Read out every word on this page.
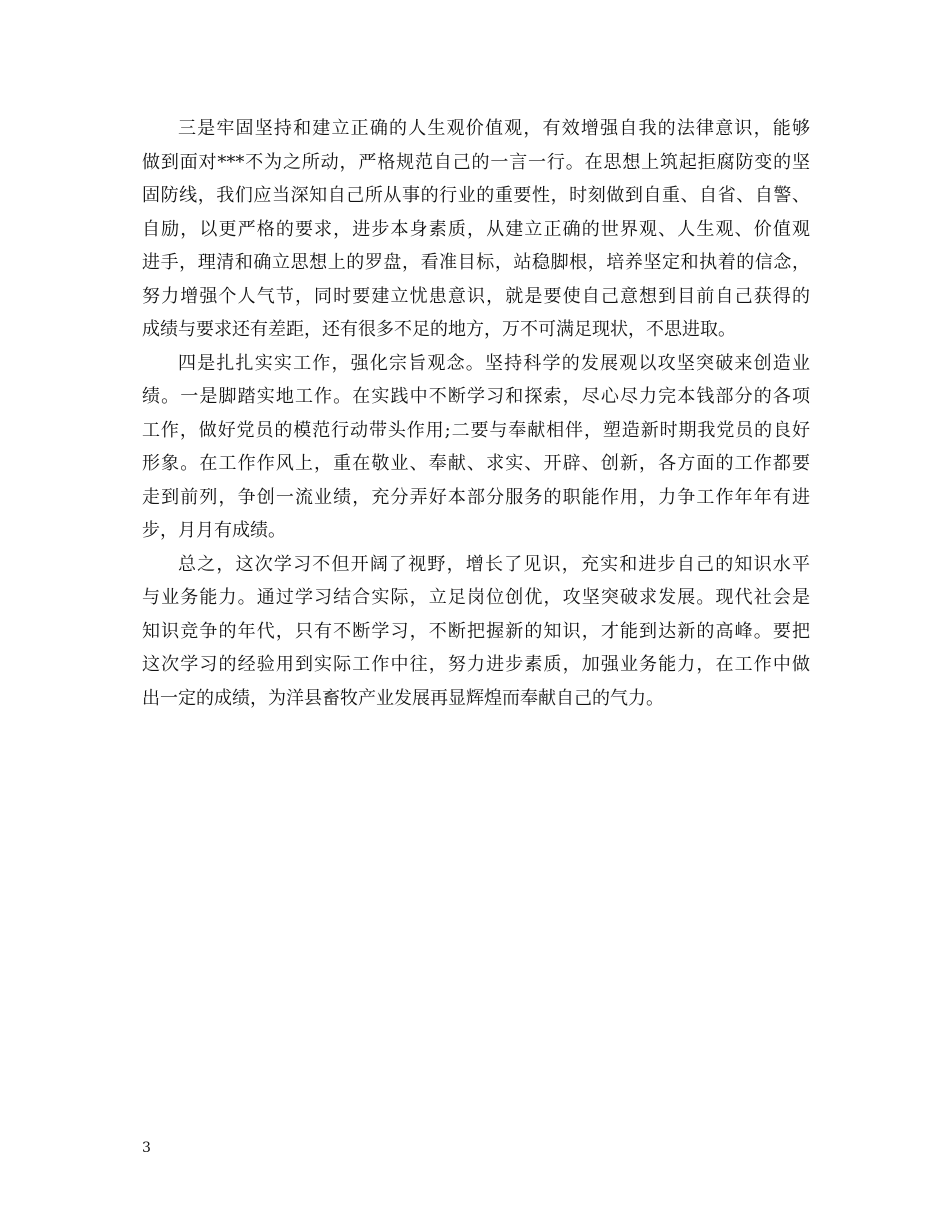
三是牢固坚持和建立正确的人生观价值观，有效增强自我的法律意识，能够
做到面对***不为之所动，严格规范自己的一言一行。在思想上筑起拒腐防变的坚
固防线，我们应当深知自己所从事的行业的重要性，时刻做到自重、自省、自警、
自励，以更严格的要求，进步本身素质，从建立正确的世界观、人生观、价值观
进手，理清和确立思想上的罗盘，看准目标，站稳脚根，培养坚定和执着的信念，
努力增强个人气节，同时要建立忧患意识，就是要使自己意想到目前自己获得的
成绩与要求还有差距，还有很多不足的地方，万不可满足现状，不思进取。
四是扎扎实实工作，强化宗旨观念。坚持科学的发展观以攻坚突破来创造业
绩。一是脚踏实地工作。在实践中不断学习和探索，尽心尽力完本钱部分的各项
工作，做好党员的模范行动带头作用;二要与奉献相伴，塑造新时期我党员的良好
形象。在工作作风上，重在敬业、奉献、求实、开辟、创新，各方面的工作都要
走到前列，争创一流业绩，充分弄好本部分服务的职能作用，力争工作年年有进
步，月月有成绩。
总之，这次学习不但开阔了视野，增长了见识，充实和进步自己的知识水平
与业务能力。通过学习结合实际，立足岗位创优，攻坚突破求发展。现代社会是
知识竞争的年代，只有不断学习，不断把握新的知识，才能到达新的高峰。要把
这次学习的经验用到实际工作中往，努力进步素质，加强业务能力，在工作中做
出一定的成绩，为洋县畜牧产业发展再显辉煌而奉献自己的气力。
3
